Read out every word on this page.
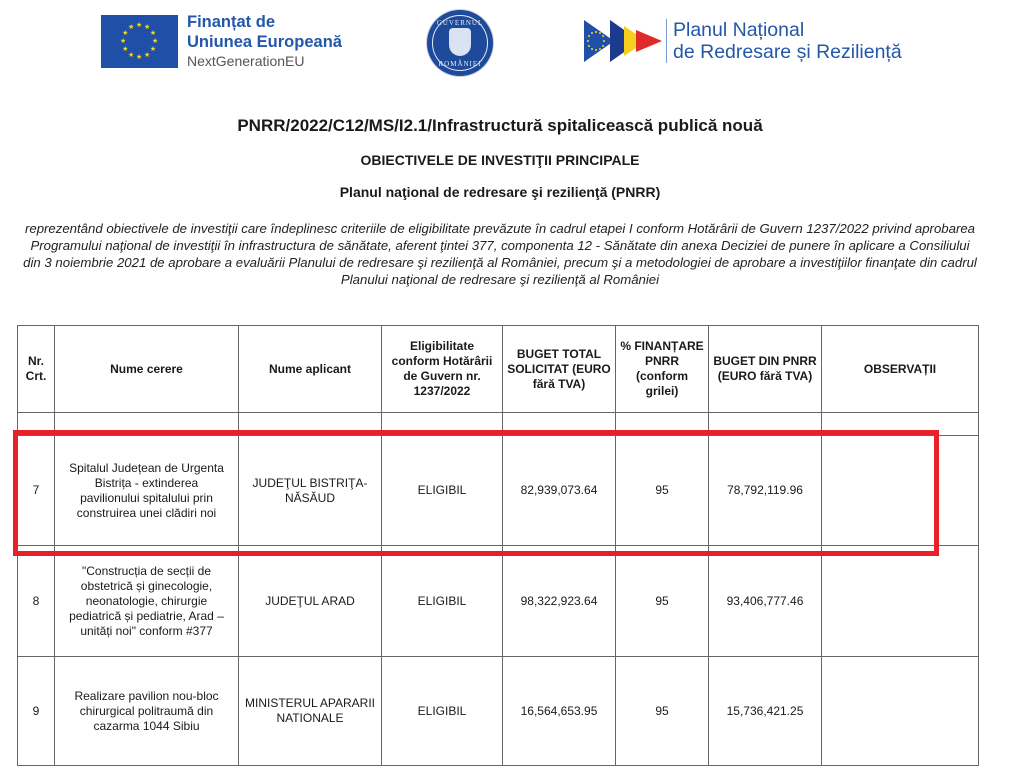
★ ★
★
★
★
★
★
★
★
★
★
★	Finanțat de
Uniunea Europeană
NextGenerationEU
GUVERNUL
ROMÂNIEI
Planul Național
de Redresare și Reziliență
PNRR/2022/C12/MS/I2.1/Infrastructură spitalicească publică nouă
OBIECTIVELE DE INVESTIŢII PRINCIPALE
Planul naţional de redresare şi rezilienţă (PNRR)
reprezentând obiectivele de investiţii care îndeplinesc criteriile de eligibilitate prevăzute în cadrul etapei I conform Hotărârii de Guvern 1237/2022 privind aprobarea Programului naţional de investiţii în infrastructura de sănătate, aferent ţintei 377, componenta 12 - Sănătate din anexa Deciziei de punere în aplicare a Consiliului din 3 noiembrie 2021 de aprobare a evaluării Planului de redresare şi rezilienţă al României, precum şi a metodologiei de aprobare a investiţiilor finanţate din cadrul Planului naţional de redresare şi rezilienţă al României
Nr. Crt.	Nume cerere	Nume aplicant	Eligibilitate conform Hotărârii de Guvern nr. 1237/2022	BUGET TOTAL SOLICITAT (EURO fără TVA)	% FINANȚARE PNRR (conform grilei)	BUGET DIN PNRR (EURO fără TVA)	OBSERVAȚII

7	Spitalul Județean de Urgenta Bistrița - extinderea pavilionului spitalului prin construirea unei clădiri noi	JUDEŢUL BISTRIŢA-NĂSĂUD	ELIGIBIL	82,939,073.64	95	78,792,119.96	
8	"Construcția de secții de obstetrică și ginecologie, neonatologie, chirurgie pediatrică și pediatrie, Arad – unități noi" conform #377	JUDEŢUL ARAD	ELIGIBIL	98,322,923.64	95	93,406,777.46	
9	Realizare pavilion nou-bloc chirurgical politraumă din cazarma 1044 Sibiu	MINISTERUL APARARII NATIONALE	ELIGIBIL	16,564,653.95	95	15,736,421.25	
